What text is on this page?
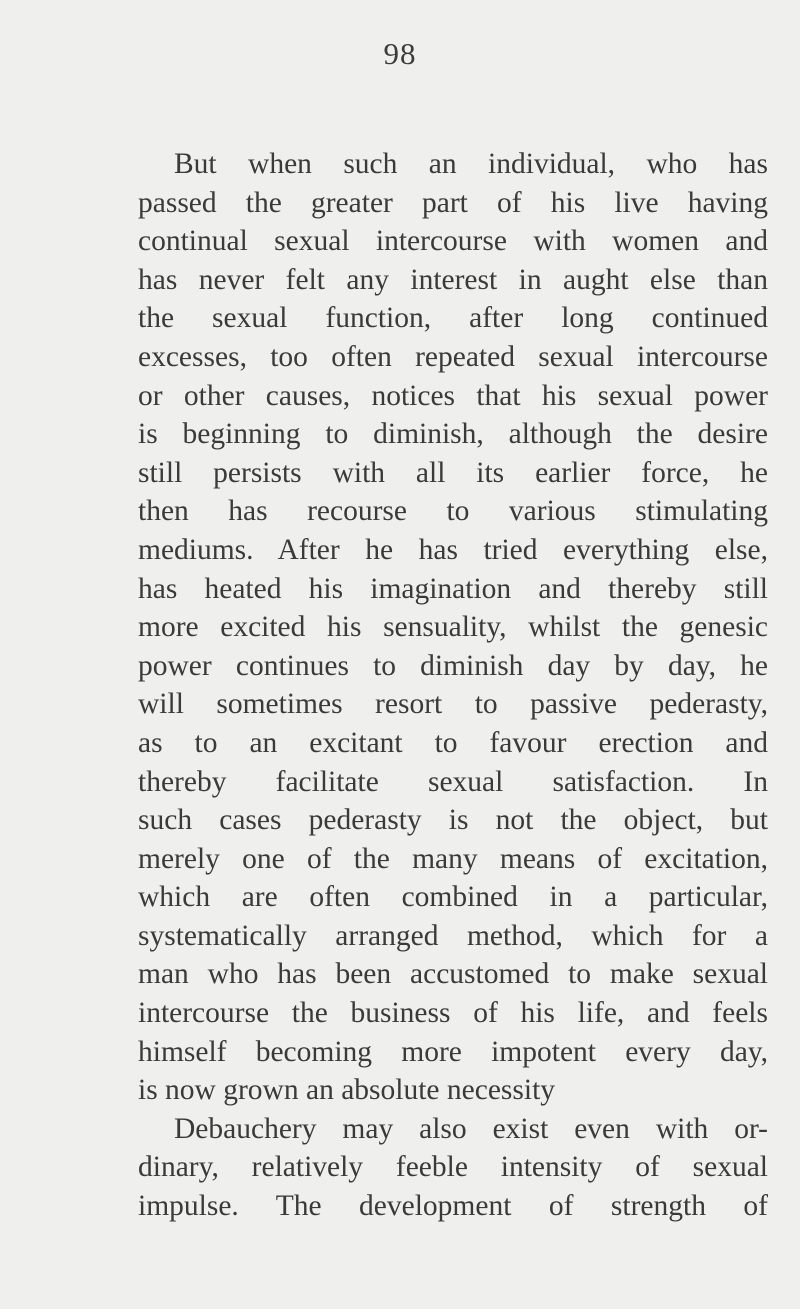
98
But when such an individual, who has
passed the greater part of his live having
continual sexual intercourse with women and
has never felt any interest in aught else than
the sexual function, after long continued
excesses, too often repeated sexual intercourse
or other causes, notices that his sexual power
is beginning to diminish, although the desire
still persists with all its earlier force, he
then has recourse to various stimulating
mediums. After he has tried everything else,
has heated his imagination and thereby still
more excited his sensuality, whilst the genesic
power continues to diminish day by day, he
will sometimes resort to passive pederasty,
as to an excitant to favour erection and
thereby facilitate sexual satisfaction. In
such cases pederasty is not the object, but
merely one of the many means of excitation,
which are often combined in a particular,
systematically arranged method, which for a
man who has been accustomed to make sexual
intercourse the business of his life, and feels
himself becoming more impotent every day,
is now grown an absolute necessity
Debauchery may also exist even with or-
dinary, relatively feeble intensity of sexual
impulse. The development of strength of
